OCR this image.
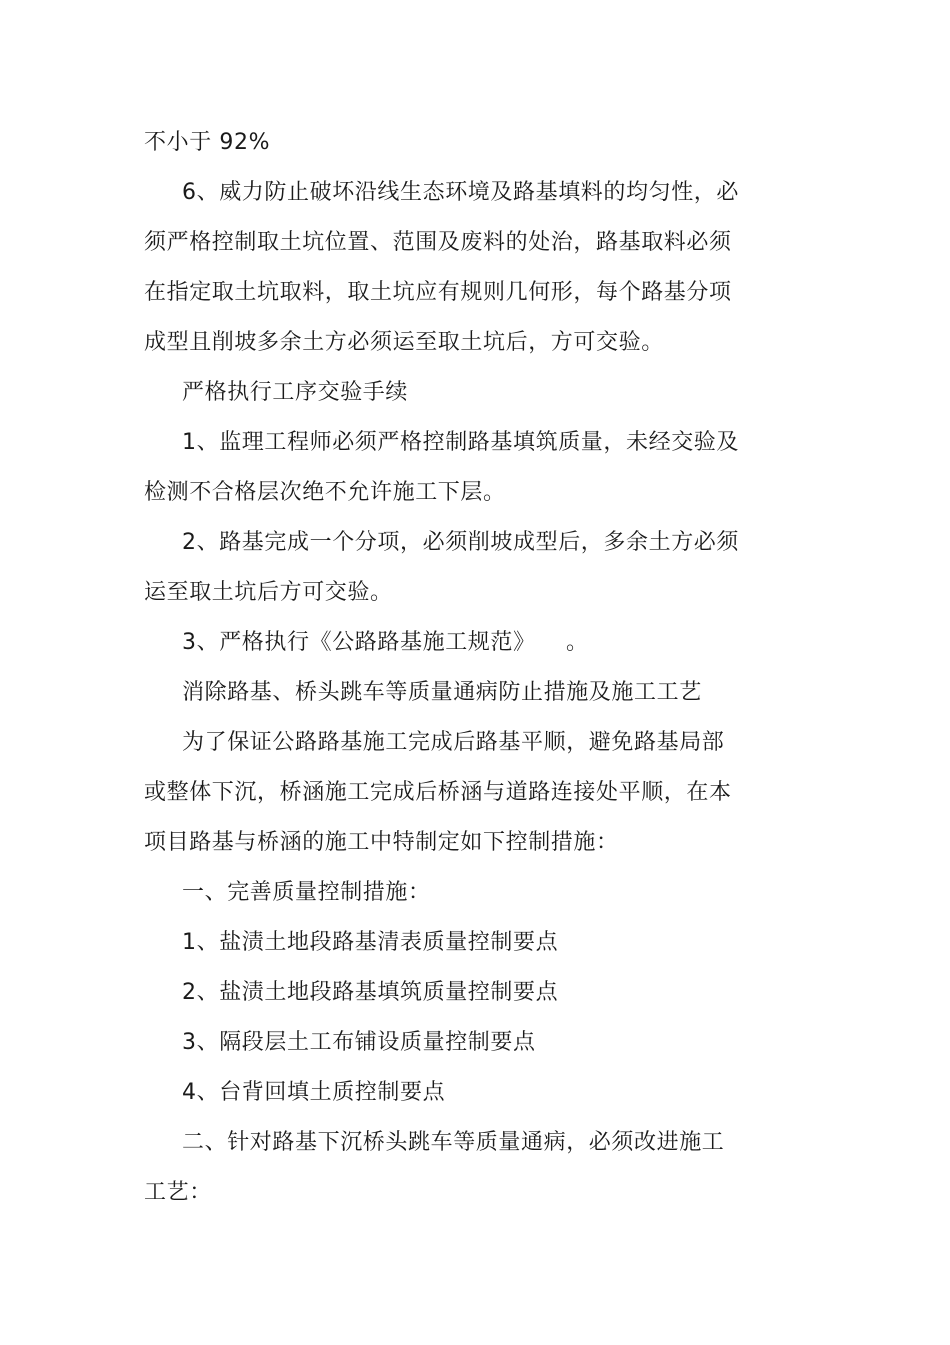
不小于 92%
6、威力防止破坏沿线生态环境及路基填料的均匀性，必
须严格控制取土坑位置、范围及废料的处治，路基取料必须
在指定取土坑取料，取土坑应有规则几何形，每个路基分项
成型且削坡多余土方必须运至取土坑后，方可交验。
严格执行工序交验手续
1、监理工程师必须严格控制路基填筑质量，未经交验及
检测不合格层次绝不允许施工下层。
2、路基完成一个分项，必须削坡成型后，多余土方必须
运至取土坑后方可交验。
3、严格执行《公路路基施工规范》    。
消除路基、桥头跳车等质量通病防止措施及施工工艺
为了保证公路路基施工完成后路基平顺，避免路基局部
或整体下沉，桥涵施工完成后桥涵与道路连接处平顺，在本
项目路基与桥涵的施工中特制定如下控制措施：
一、完善质量控制措施：
1、盐渍土地段路基清表质量控制要点
2、盐渍土地段路基填筑质量控制要点
3、隔段层土工布铺设质量控制要点
4、台背回填土质控制要点
二、针对路基下沉桥头跳车等质量通病，必须改进施工
工艺：
